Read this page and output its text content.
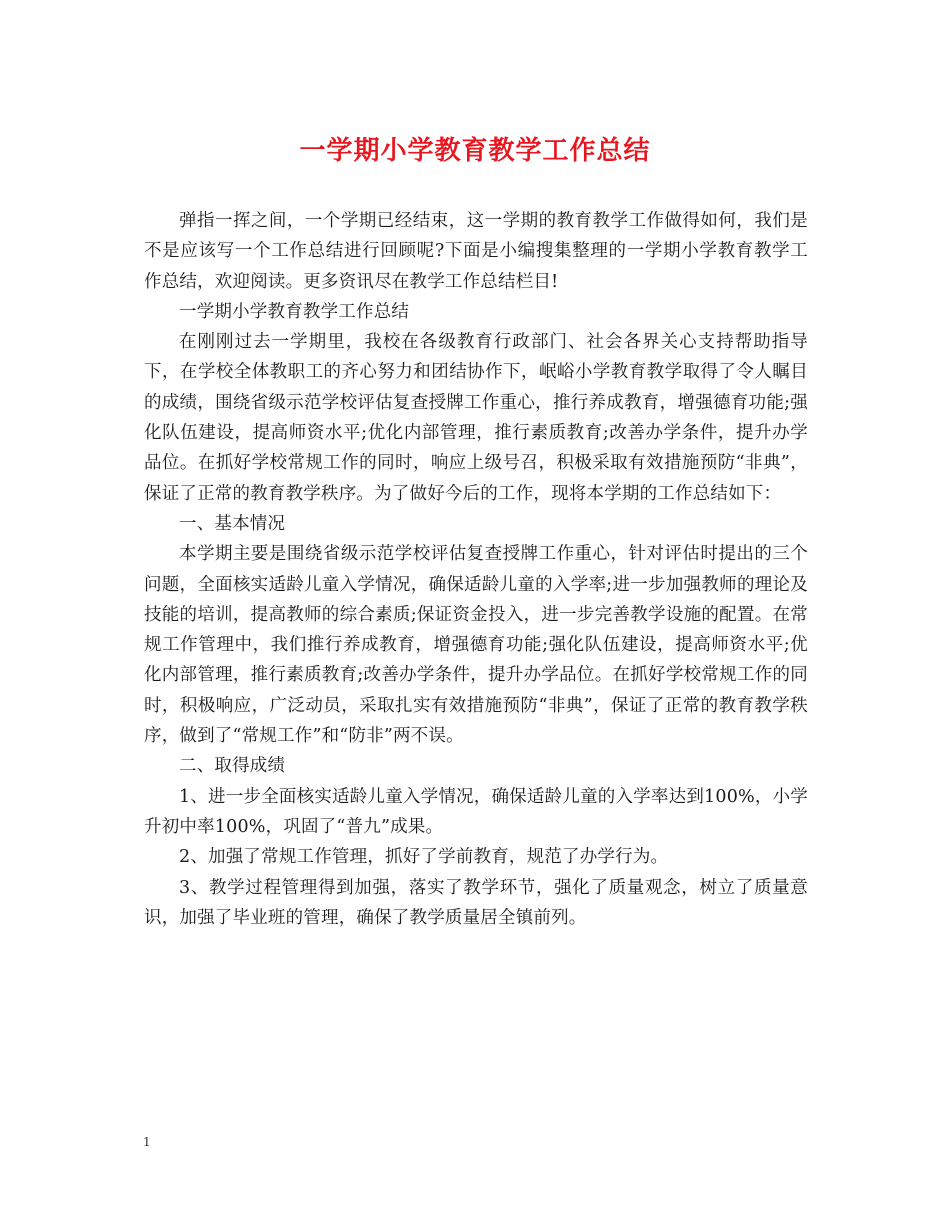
一学期小学教育教学工作总结

弹指一挥之间，一个学期已经结束，这一学期的教育教学工作做得如何，我们是不是应该写一个工作总结进行回顾呢?下面是小编搜集整理的一学期小学教育教学工作总结，欢迎阅读。更多资讯尽在教学工作总结栏目!

一学期小学教育教学工作总结

在刚刚过去一学期里，我校在各级教育行政部门、社会各界关心支持帮助指导下，在学校全体教职工的齐心努力和团结协作下，岷峪小学教育教学取得了令人瞩目的成绩，围绕省级示范学校评估复查授牌工作重心，推行养成教育，增强德育功能;强化队伍建设，提高师资水平;优化内部管理，推行素质教育;改善办学条件，提升办学品位。在抓好学校常规工作的同时，响应上级号召，积极采取有效措施预防“非典”，保证了正常的教育教学秩序。为了做好今后的工作，现将本学期的工作总结如下：

一、基本情况

本学期主要是围绕省级示范学校评估复查授牌工作重心，针对评估时提出的三个问题，全面核实适龄儿童入学情况，确保适龄儿童的入学率;进一步加强教师的理论及技能的培训，提高教师的综合素质;保证资金投入，进一步完善教学设施的配置。在常规工作管理中，我们推行养成教育，增强德育功能;强化队伍建设，提高师资水平;优化内部管理，推行素质教育;改善办学条件，提升办学品位。在抓好学校常规工作的同时，积极响应，广泛动员，采取扎实有效措施预防“非典”，保证了正常的教育教学秩序，做到了“常规工作”和“防非”两不误。

二、取得成绩

1、进一步全面核实适龄儿童入学情况，确保适龄儿童的入学率达到100%，小学升初中率100%，巩固了“普九”成果。

2、加强了常规工作管理，抓好了学前教育，规范了办学行为。

3、教学过程管理得到加强，落实了教学环节，强化了质量观念，树立了质量意识，加强了毕业班的管理，确保了教学质量居全镇前列。

1
